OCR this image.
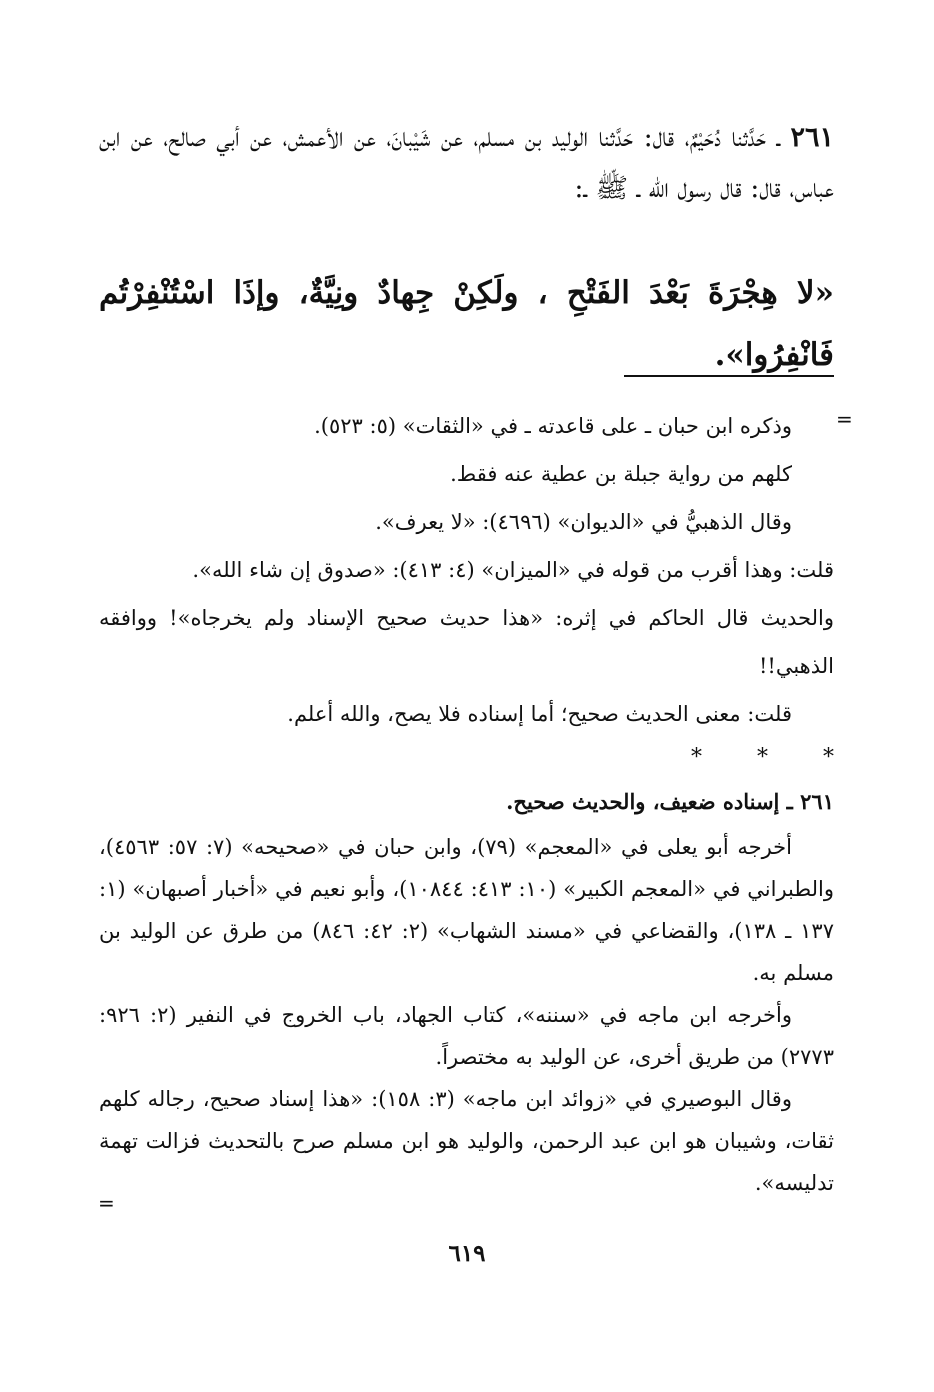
٢٦١ ـ حَدَّثنا دُحَيْمٌ، قال: حَدَّثنا الوليد بن مسلم، عن شَيْبانَ، عن الأعمش، عن أبي صالح، عن ابن عباس، قال: قال رسول الله ـ ﷺ ـ:
«لا هِجْرَةَ بَعْدَ الفَتْحِ ، ولَكِنْ جِهادٌ ونِيَّةٌ، وإذَا اسْتُنْفِرْتُم فَانْفِرُوا».
=

وذكره ابن حبان ـ على قاعدته ـ في «الثقات» (٥: ٥٢٣).

كلهم من رواية جبلة بن عطية عنه فقط.

وقال الذهبيُّ في «الديوان» (٤٦٩٦): «لا يعرف».

قلت: وهذا أقرب من قوله في «الميزان» (٤: ٤١٣): «صدوق إن شاء الله».

والحديث قال الحاكم في إثره: «هذا حديث صحيح الإسناد ولم يخرجاه»! ووافقه الذهبي!!

قلت: معنى الحديث صحيح؛ أما إسناده فلا يصح، والله أعلم.

* * *

٢٦١ ـ إسناده ضعيف، والحديث صحيح.

أخرجه أبو يعلى في «المعجم» (٧٩)، وابن حبان في «صحيحه» (٧: ٥٧: ٤٥٦٣)، والطبراني في «المعجم الكبير» (١٠: ٤١٣: ١٠٨٤٤)، وأبو نعيم في «أخبار أصبهان» (١: ١٣٧ ـ ١٣٨)، والقضاعي في «مسند الشهاب» (٢: ٤٢: ٨٤٦) من طرق عن الوليد بن مسلم به.

وأخرجه ابن ماجه في «سننه»، كتاب الجهاد، باب الخروج في النفير (٢: ٩٢٦: ٢٧٧٣) من طريق أخرى، عن الوليد به مختصراً.

وقال البوصيري في «زوائد ابن ماجه» (٣: ١٥٨): «هذا إسناد صحيح، رجاله كلهم ثقات، وشيبان هو ابن عبد الرحمن، والوليد هو ابن مسلم صرح بالتحديث فزالت تهمة تدليسه».

=
٦١٩
